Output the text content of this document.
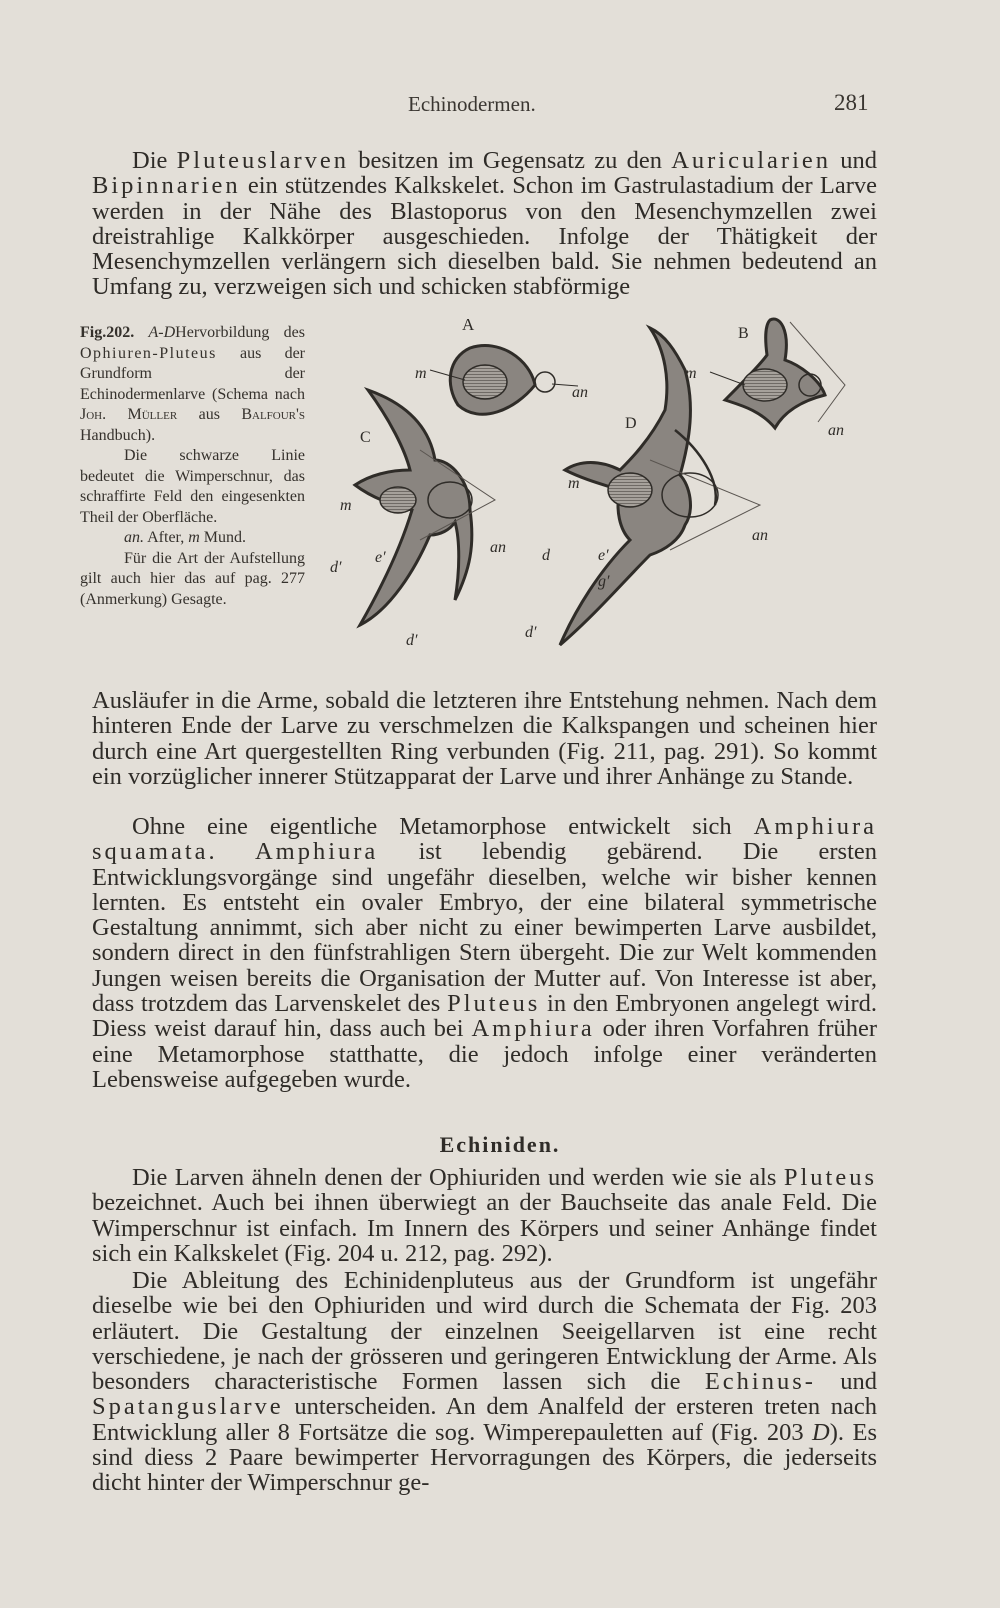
Echinodermen.	281

Die Pluteuslarven besitzen im Gegensatz zu den Auricularien und Bipinnarien ein stützendes Kalkskelet. Schon im Gastrulastadium der Larve werden in der Nähe des Blastoporus von den Mesenchymzellen zwei dreistrahlige Kalkkörper ausgeschieden. Infolge der Thätigkeit der Mesenchymzellen verlängern sich dieselben bald. Sie nehmen bedeutend an Umfang zu, verzweigen sich und schicken stabförmige

Fig.202. A-DHervorbildung des Ophiuren-Pluteus aus der Grundform der Echinodermenlarve (Schema nach Joh. Müller aus Balfour's Handbuch).

Die schwarze Linie bedeutet die Wimperschnur, das schraffirte Feld den eingesenkten Theil der Oberfläche.

an. After, m Mund.

Für die Art der Aufstellung gilt auch hier das auf pag. 277 (Anmerkung) Gesagte.

A	B
C
D
m
an
m
an
m
d′
e′
an
d′
m
d	e′
g′
an
d′

Ausläufer in die Arme, sobald die letzteren ihre Entstehung nehmen. Nach dem hinteren Ende der Larve zu verschmelzen die Kalkspangen und scheinen hier durch eine Art quergestellten Ring verbunden (Fig. 211, pag. 291). So kommt ein vorzüglicher innerer Stützapparat der Larve und ihrer Anhänge zu Stande.

Ohne eine eigentliche Metamorphose entwickelt sich Amphiura squamata. Amphiura ist lebendig gebärend. Die ersten Entwicklungsvorgänge sind ungefähr dieselben, welche wir bisher kennen lernten. Es entsteht ein ovaler Embryo, der eine bilateral symmetrische Gestaltung annimmt, sich aber nicht zu einer bewimperten Larve ausbildet, sondern direct in den fünfstrahligen Stern übergeht. Die zur Welt kommenden Jungen weisen bereits die Organisation der Mutter auf. Von Interesse ist aber, dass trotzdem das Larvenskelet des Pluteus in den Embryonen angelegt wird. Diess weist darauf hin, dass auch bei Amphiura oder ihren Vorfahren früher eine Metamorphose statthatte, die jedoch infolge einer veränderten Lebensweise aufgegeben wurde.

Echiniden.

Die Larven ähneln denen der Ophiuriden und werden wie sie als Pluteus bezeichnet. Auch bei ihnen überwiegt an der Bauchseite das anale Feld. Die Wimperschnur ist einfach. Im Innern des Körpers und seiner Anhänge findet sich ein Kalkskelet (Fig. 204 u. 212, pag. 292).

Die Ableitung des Echinidenpluteus aus der Grundform ist ungefähr dieselbe wie bei den Ophiuriden und wird durch die Schemata der Fig. 203 erläutert. Die Gestaltung der einzelnen Seeigellarven ist eine recht verschiedene, je nach der grösseren und geringeren Entwicklung der Arme. Als besonders characteristische Formen lassen sich die Echinus- und Spatanguslarve unterscheiden. An dem Analfeld der ersteren treten nach Entwicklung aller 8 Fortsätze die sog. Wimperepauletten auf (Fig. 203 D). Es sind diess 2 Paare bewimperter Hervorragungen des Körpers, die jederseits dicht hinter der Wimperschnur ge-
